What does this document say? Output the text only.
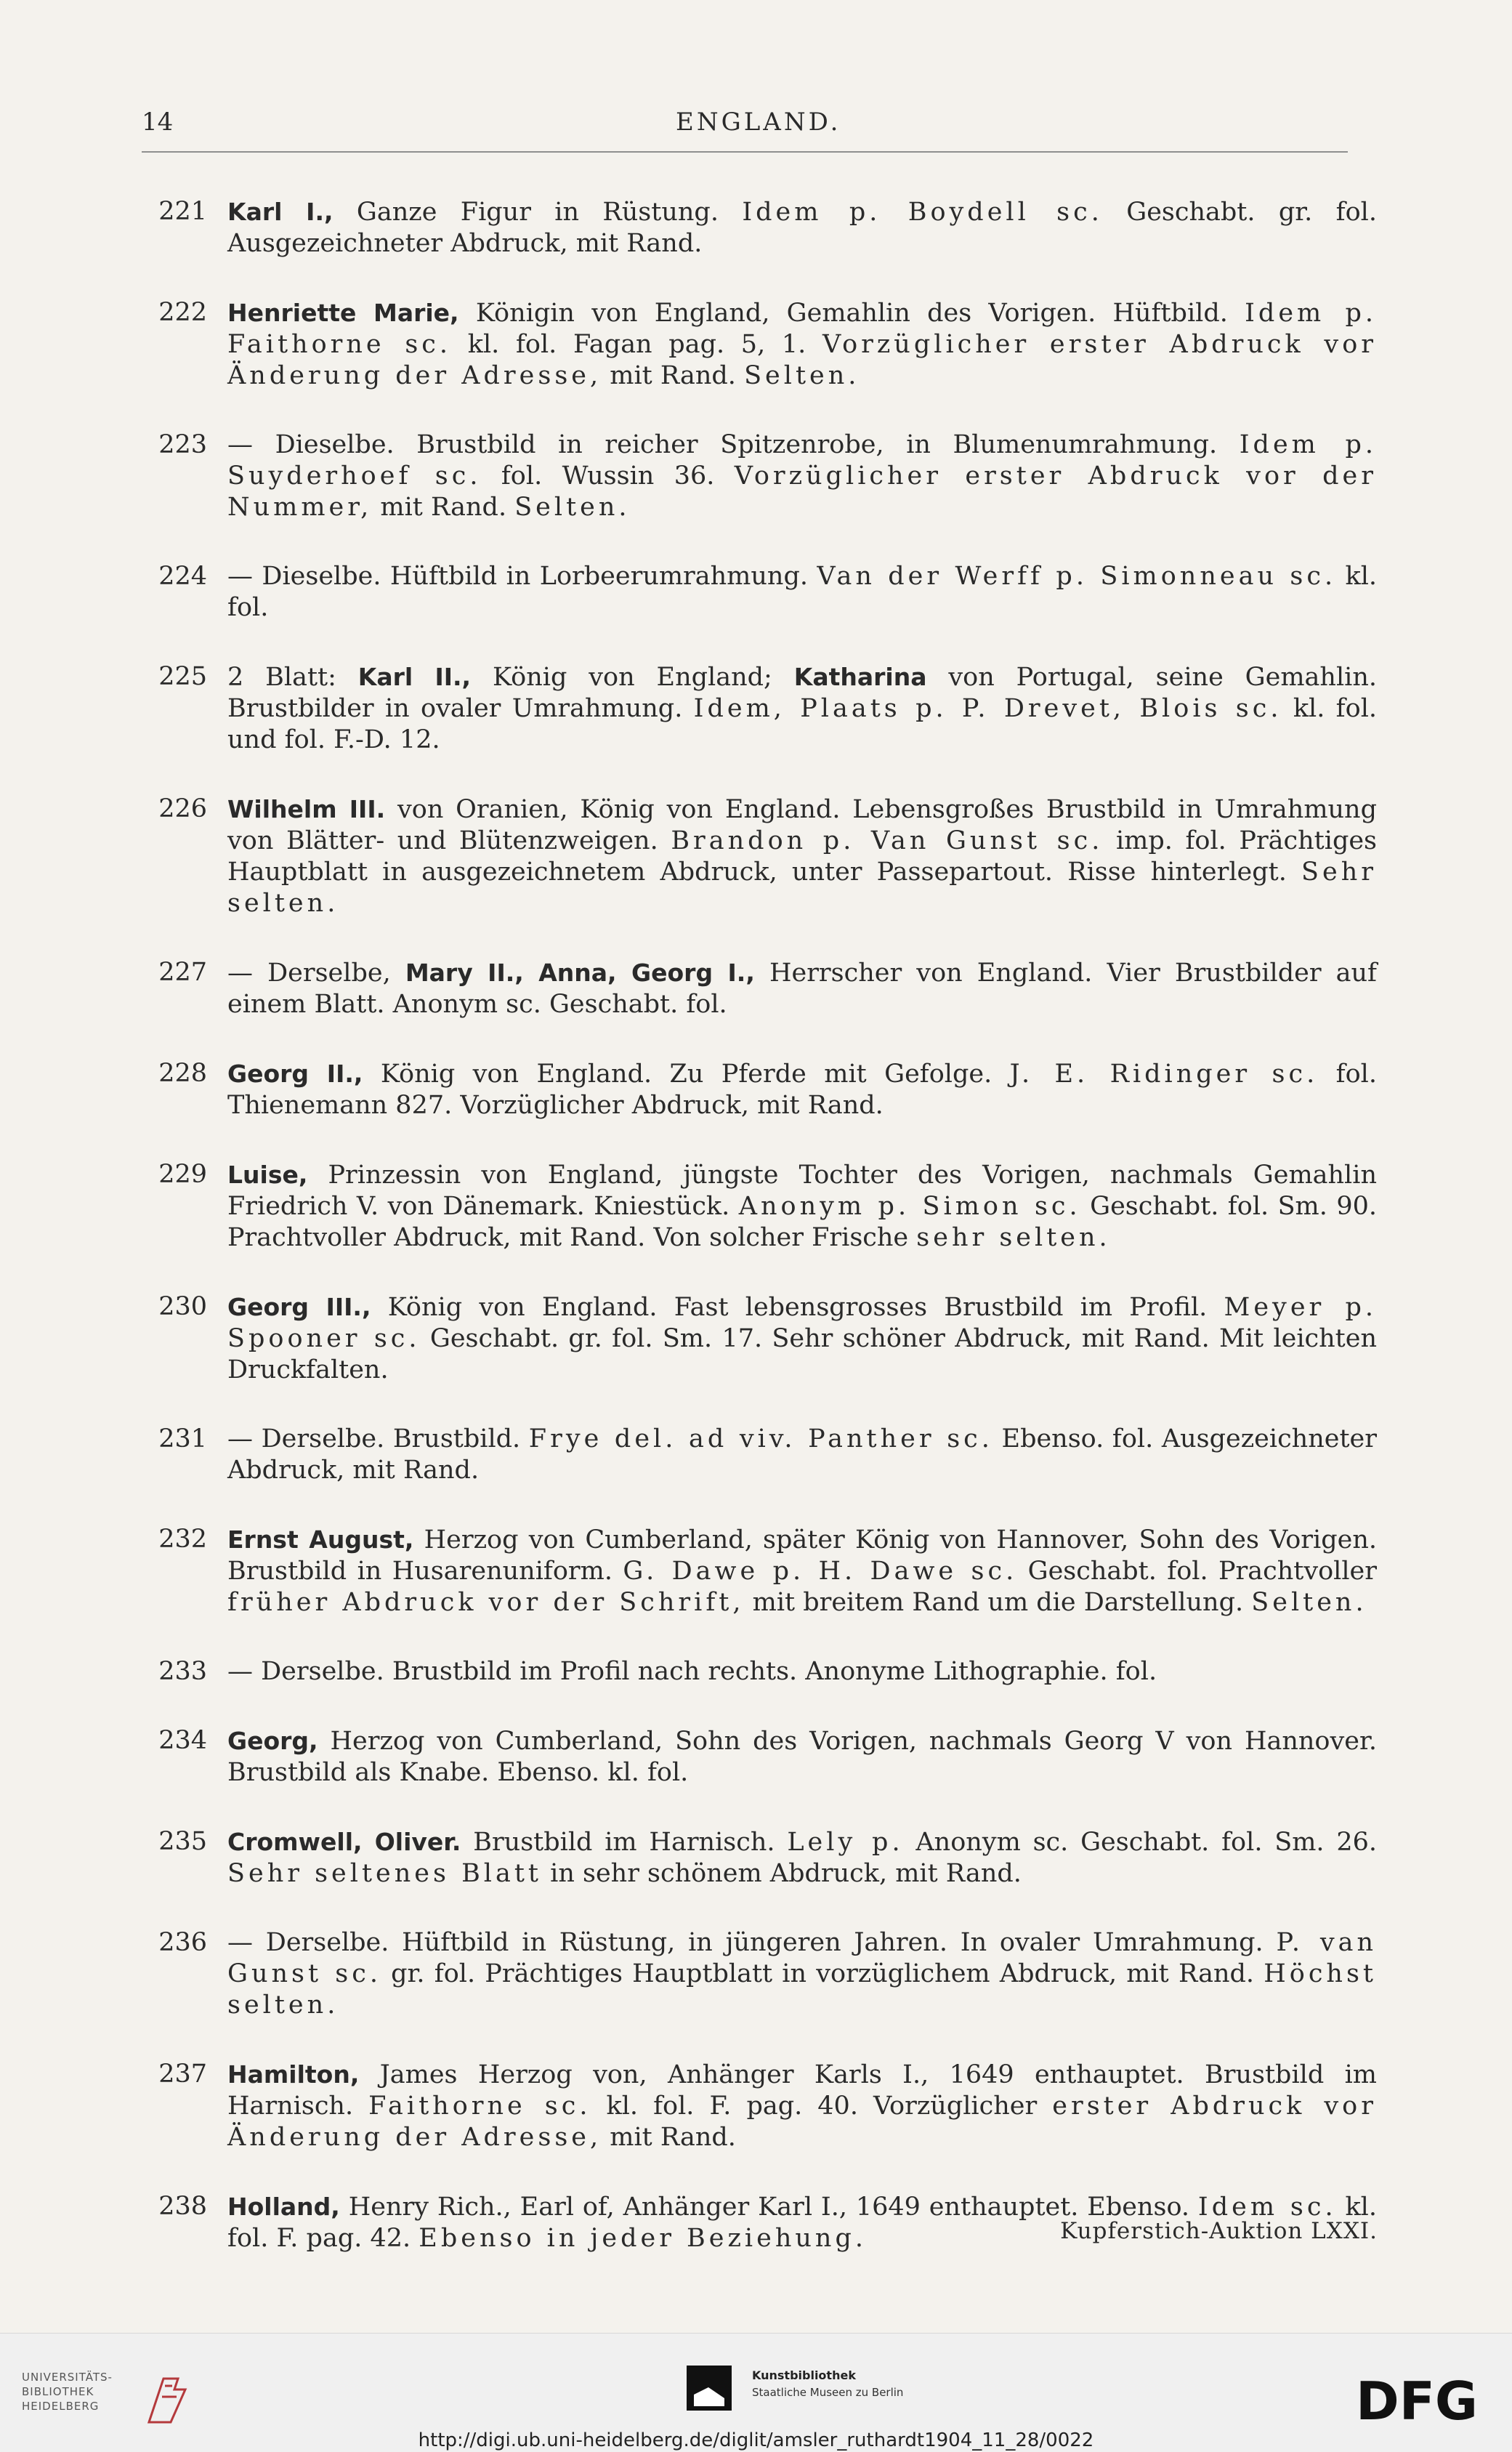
14	ENGLAND.
221 Karl I., Ganze Figur in Rüstung. Idem p. Boydell sc. Geschabt. gr. fol. Ausgezeichneter Abdruck, mit Rand.

222 Henriette Marie, Königin von England, Gemahlin des Vorigen. Hüftbild. Idem p. Faithorne sc. kl. fol. Fagan pag. 5, 1. Vorzüglicher erster Abdruck vor Änderung der Adresse, mit Rand. Selten.

223 — Dieselbe. Brustbild in reicher Spitzenrobe, in Blumenumrahmung. Idem p. Suyderhoef sc. fol. Wussin 36. Vorzüglicher erster Abdruck vor der Nummer, mit Rand. Selten.

224 — Dieselbe. Hüftbild in Lorbeerumrahmung. Van der Werff p. Simonneau sc. kl. fol.

225 2 Blatt: Karl II., König von England; Katharina von Portugal, seine Gemahlin. Brustbilder in ovaler Umrahmung. Idem, Plaats p. P. Drevet, Blois sc. kl. fol. und fol. F.-D. 12.

226 Wilhelm III. von Oranien, König von England. Lebensgroßes Brustbild in Umrahmung von Blätter- und Blütenzweigen. Brandon p. Van Gunst sc. imp. fol. Prächtiges Hauptblatt in ausgezeichnetem Abdruck, unter Passepartout. Risse hinterlegt. Sehr selten.

227 — Derselbe, Mary II., Anna, Georg I., Herrscher von England. Vier Brustbilder auf einem Blatt. Anonym sc. Geschabt. fol.

228 Georg II., König von England. Zu Pferde mit Gefolge. J. E. Ridinger sc. fol. Thienemann 827. Vorzüglicher Abdruck, mit Rand.

229 Luise, Prinzessin von England, jüngste Tochter des Vorigen, nachmals Gemahlin Friedrich V. von Dänemark. Kniestück. Anonym p. Simon sc. Geschabt. fol. Sm. 90. Prachtvoller Abdruck, mit Rand. Von solcher Frische sehr selten.

230 Georg III., König von England. Fast lebensgrosses Brustbild im Profil. Meyer p. Spooner sc. Geschabt. gr. fol. Sm. 17. Sehr schöner Abdruck, mit Rand. Mit leichten Druckfalten.

231 — Derselbe. Brustbild. Frye del. ad viv. Panther sc. Ebenso. fol. Ausgezeichneter Abdruck, mit Rand.

232 Ernst August, Herzog von Cumberland, später König von Hannover, Sohn des Vorigen. Brustbild in Husarenuniform. G. Dawe p. H. Dawe sc. Geschabt. fol. Prachtvoller früher Abdruck vor der Schrift, mit breitem Rand um die Darstellung. Selten.

233 — Derselbe. Brustbild im Profil nach rechts. Anonyme Lithographie. fol.

234 Georg, Herzog von Cumberland, Sohn des Vorigen, nachmals Georg V von Hannover. Brustbild als Knabe. Ebenso. kl. fol.

235 Cromwell, Oliver. Brustbild im Harnisch. Lely p. Anonym sc. Geschabt. fol. Sm. 26. Sehr seltenes Blatt in sehr schönem Abdruck, mit Rand.

236 — Derselbe. Hüftbild in Rüstung, in jüngeren Jahren. In ovaler Umrahmung. P. van Gunst sc. gr. fol. Prächtiges Hauptblatt in vorzüglichem Abdruck, mit Rand. Höchst selten.

237 Hamilton, James Herzog von, Anhänger Karls I., 1649 enthauptet. Brustbild im Harnisch. Faithorne sc. kl. fol. F. pag. 40. Vorzüglicher erster Abdruck vor Änderung der Adresse, mit Rand.

238 Holland, Henry Rich., Earl of, Anhänger Karl I., 1649 enthauptet. Ebenso. Idem sc. kl. fol. F. pag. 42. Ebenso in jeder Beziehung.	Kupferstich-Auktion LXXI.
UNIVERSITÄTS-
BIBLIOTHEK
HEIDELBERG
Kunstbibliothek
Staatliche Museen zu Berlin	DFG
http://digi.ub.uni-heidelberg.de/diglit/amsler_ruthardt1904_11_28/0022
